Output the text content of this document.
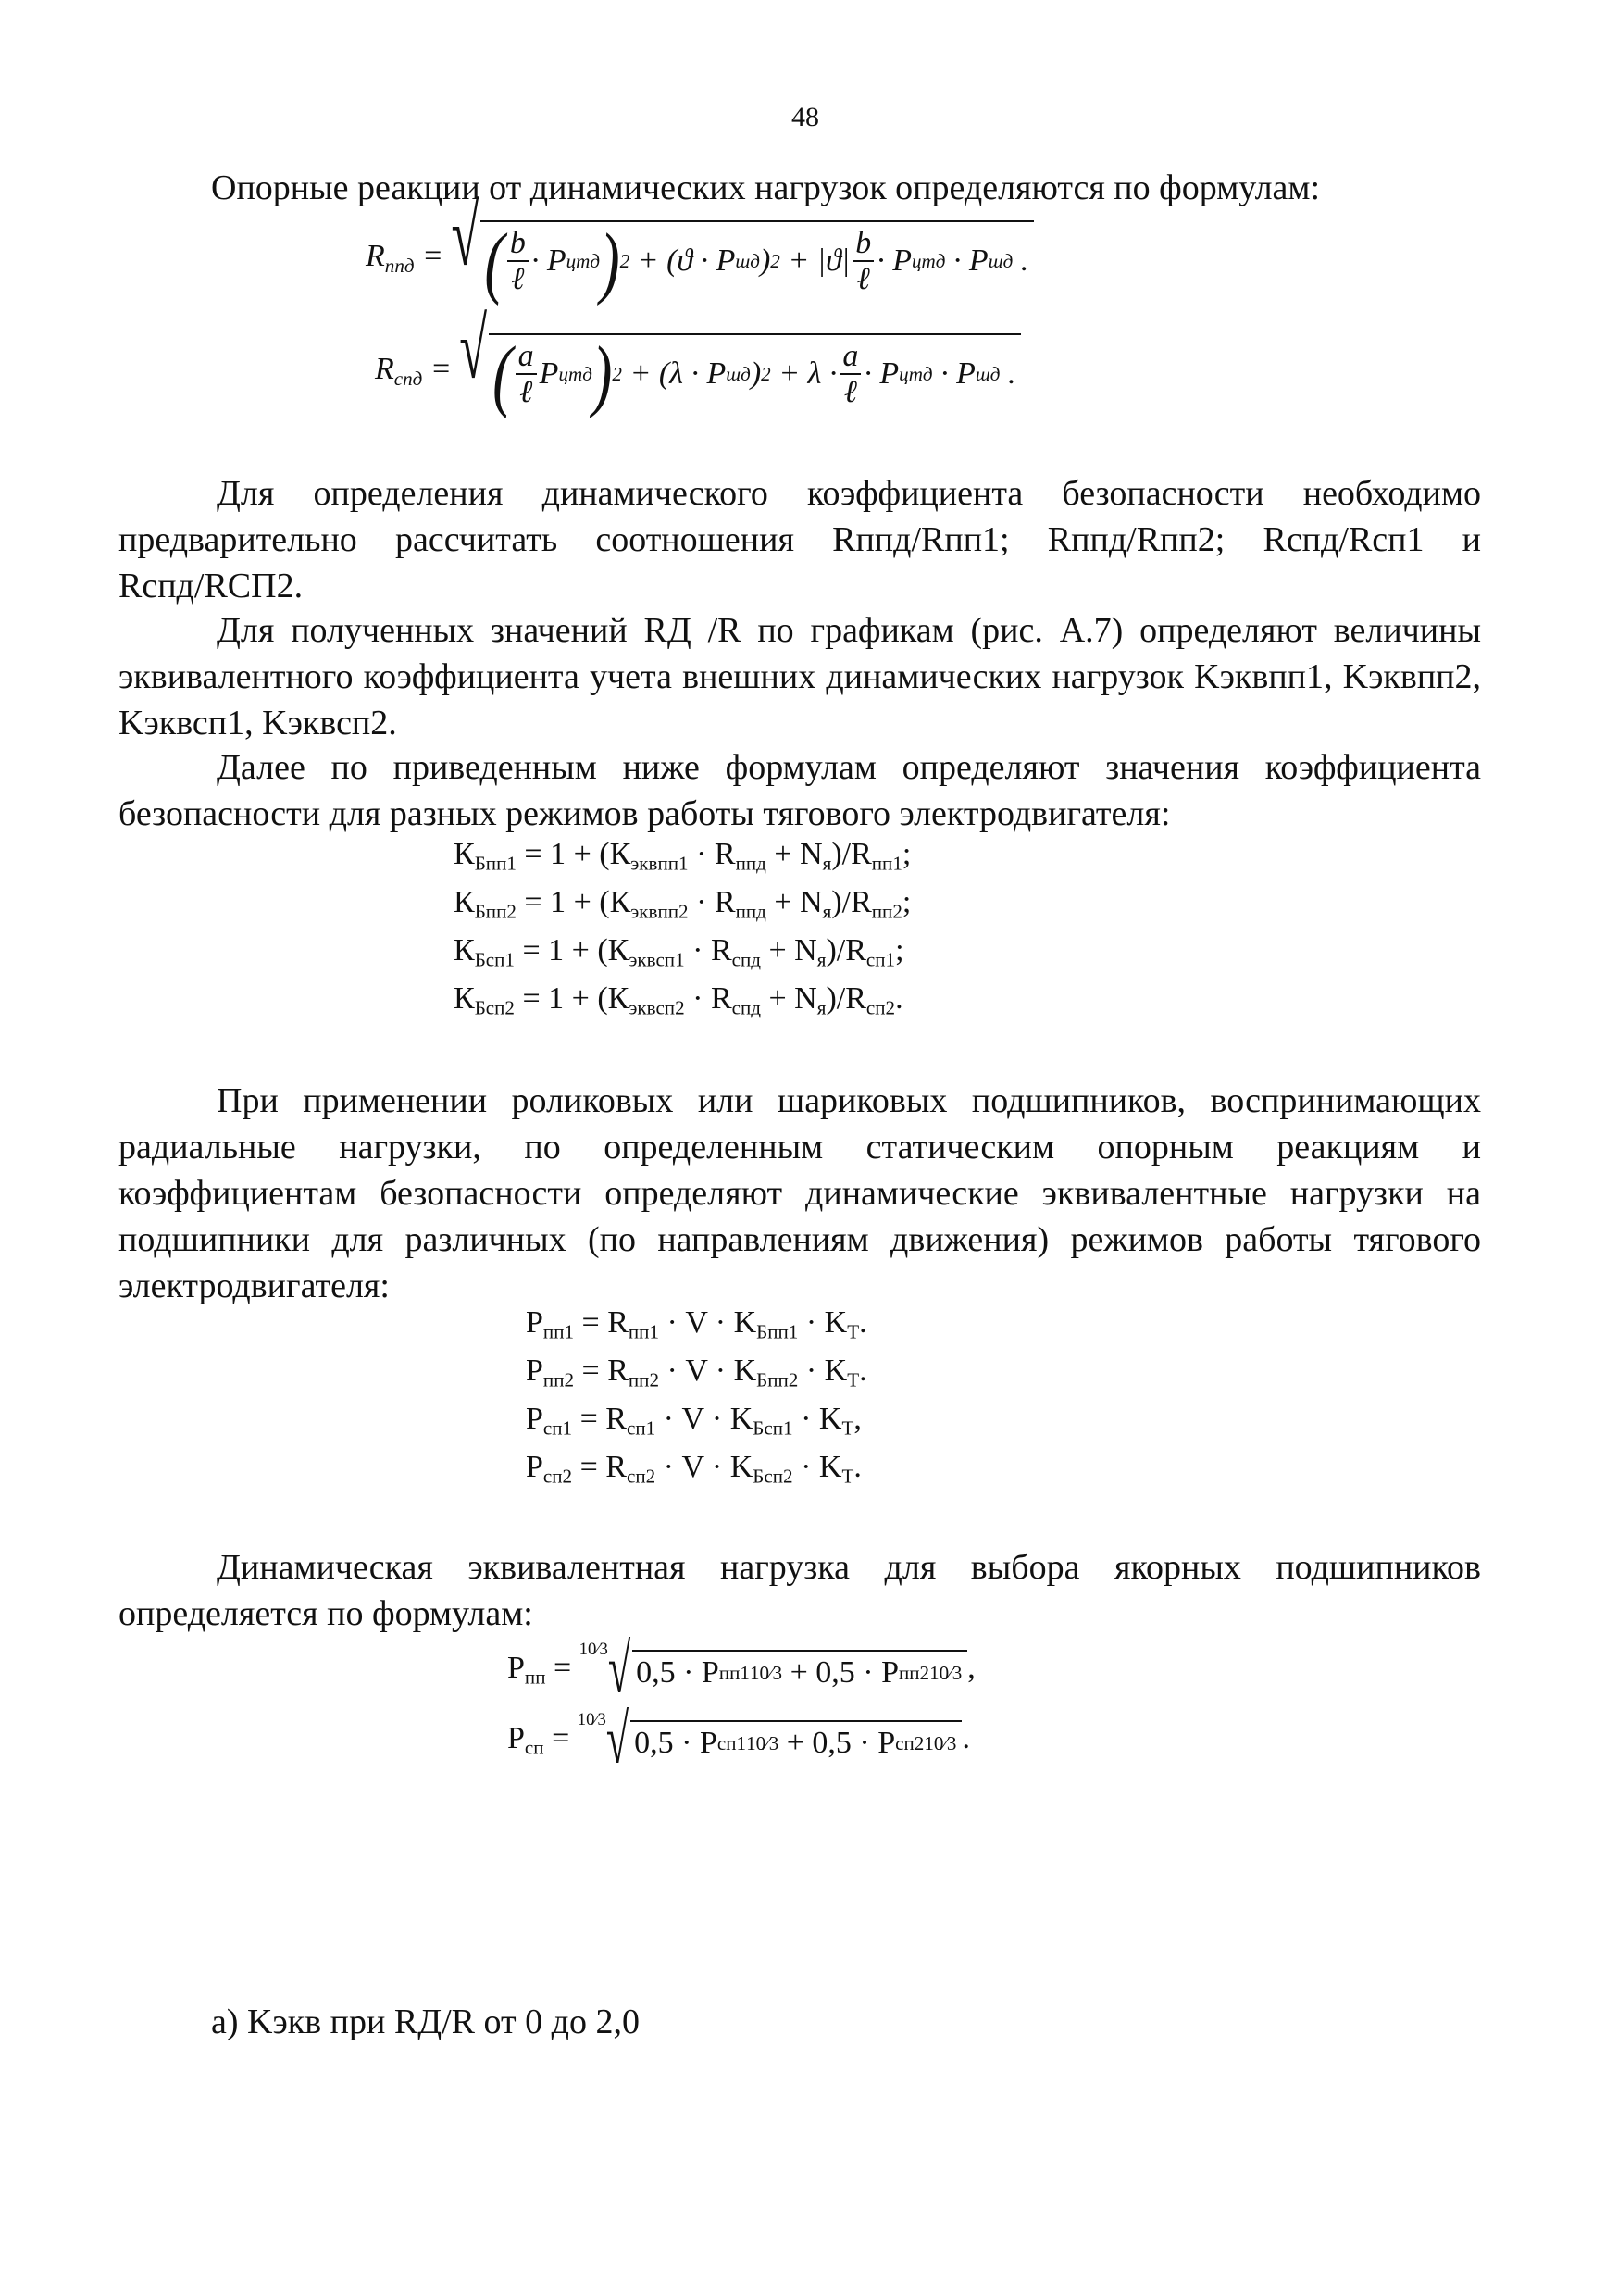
48
Опорные реакции от динамических нагрузок определяются по формулам:
$R_{ппд}$ = √ ( b
ℓ
·
P цтд ) 2
+ ( ϑ
·
P шд ) 2
+ | ϑ |
b
ℓ
·
P цтд
·
P шд .
$R_{спд}$ = √ ( a
ℓ
P цтд ) 2
+ ( λ
·
P шд ) 2
+
λ
·
a
ℓ
·
P цтд
·
P шд .
Для определения динамического коэффициента безопасности необходимо предварительно рассчитать соотношения Rппд/Rпп1; Rппд/Rпп2; Rспд/Rсп1 и Rспд/RСП2.
Для полученных значений RД /R по графикам (рис. А.7) определяют величины эквивалентного коэффициента учета внешних динамических нагрузок Kэквпп1, Kэквпп2, Kэквсп1, Kэквсп2.
Далее по приведенным ниже формулам определяют значения коэффициента безопасности для разных режимов работы тягового электродвигателя:
$К_{Бпп1} = 1 + (К_{эквпп1} \cdot R_{ппд} + N_я)/R_{пп1}$;
$К_{Бпп2} = 1 + (К_{эквпп2} \cdot R_{ппд} + N_я)/R_{пп2}$;
$К_{Бсп1} = 1 + (К_{эквсп1} \cdot R_{спд} + N_я)/R_{сп1}$;
$К_{Бсп2} = 1 + (К_{эквсп2} \cdot R_{спд} + N_я)/R_{сп2}$.
При применении роликовых или шариковых подшипников, воспринимающих радиальные нагрузки, по определенным статическим опорным реакциям и коэффициентам безопасности определяют динамические эквивалентные нагрузки на подшипники для различных (по направлениям движения) режимов работы тягового электродвигателя:
$P_{пп1} = R_{пп1} \cdot V \cdot K_{Бпп1} \cdot K_Т$.
$P_{пп2} = R_{пп2} \cdot V \cdot K_{Бпп2} \cdot K_Т$.
$P_{сп1} = R_{сп1} \cdot V \cdot K_{Бсп1} \cdot K_Т$,
$P_{сп2} = R_{сп2} \cdot V \cdot K_{Бсп2} \cdot K_Т$.
Динамическая эквивалентная нагрузка для выбора якорных подшипников определяется по формулам:
$P_{пп}$ =
10⁄3 √ 0,5 · P пп1 10⁄3
+ 0,5 · P пп2 10⁄3 ,
$P_{сп}$ =
10⁄3 √ 0,5 · P сп1 10⁄3
+ 0,5 · P сп2 10⁄3 .
а) Kэкв при RД/R от 0 до 2,0
